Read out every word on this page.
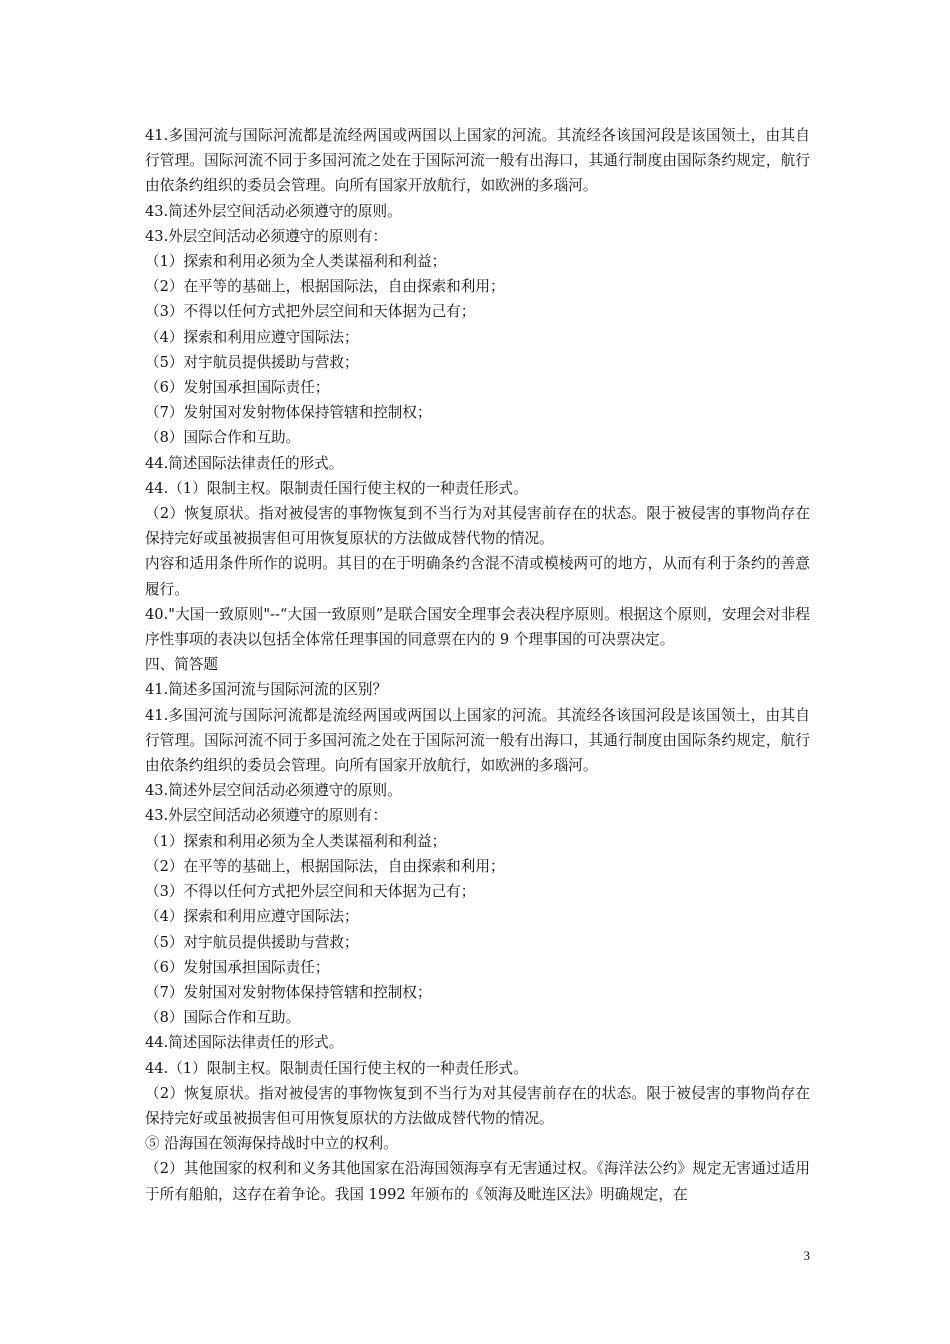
41.多国河流与国际河流都是流经两国或两国以上国家的河流。其流经各该国河段是该国领土，由其自行管理。国际河流不同于多国河流之处在于国际河流一般有出海口，其通行制度由国际条约规定，航行由依条约组织的委员会管理。向所有国家开放航行，如欧洲的多瑙河。

43.简述外层空间活动必须遵守的原则。

43.外层空间活动必须遵守的原则有：

（1）探索和利用必须为全人类谋福利和利益；

（2）在平等的基础上，根据国际法，自由探索和利用；

（3）不得以任何方式把外层空间和天体据为己有；

（4）探索和利用应遵守国际法；

（5）对宇航员提供援助与营救；

（6）发射国承担国际责任；

（7）发射国对发射物体保持管辖和控制权；

（8）国际合作和互助。

44.简述国际法律责任的形式。

44.（1）限制主权。限制责任国行使主权的一种责任形式。

（2）恢复原状。指对被侵害的事物恢复到不当行为对其侵害前存在的状态。限于被侵害的事物尚存在保持完好或虽被损害但可用恢复原状的方法做成替代物的情况。

内容和适用条件所作的说明。其目的在于明确条约含混不清或模棱两可的地方，从而有利于条约的善意履行。

40."大国一致原则"--“大国一致原则”是联合国安全理事会表决程序原则。根据这个原则，安理会对非程序性事项的表决以包括全体常任理事国的同意票在内的 9 个理事国的可决票决定。

四、简答题

41.简述多国河流与国际河流的区别？

41.多国河流与国际河流都是流经两国或两国以上国家的河流。其流经各该国河段是该国领土，由其自行管理。国际河流不同于多国河流之处在于国际河流一般有出海口，其通行制度由国际条约规定，航行由依条约组织的委员会管理。向所有国家开放航行，如欧洲的多瑙河。

43.简述外层空间活动必须遵守的原则。

43.外层空间活动必须遵守的原则有：

（1）探索和利用必须为全人类谋福利和利益；

（2）在平等的基础上，根据国际法，自由探索和利用；

（3）不得以任何方式把外层空间和天体据为己有；

（4）探索和利用应遵守国际法；

（5）对宇航员提供援助与营救；

（6）发射国承担国际责任；

（7）发射国对发射物体保持管辖和控制权；

（8）国际合作和互助。

44.简述国际法律责任的形式。

44.（1）限制主权。限制责任国行使主权的一种责任形式。

（2）恢复原状。指对被侵害的事物恢复到不当行为对其侵害前存在的状态。限于被侵害的事物尚存在保持完好或虽被损害但可用恢复原状的方法做成替代物的情况。

⑤ 沿海国在领海保持战时中立的权利。

（2）其他国家的权利和义务其他国家在沿海国领海享有无害通过权。《海洋法公约》规定无害通过适用于所有船舶，这存在着争论。我国 1992 年颁布的《领海及毗连区法》明确规定，在

3
